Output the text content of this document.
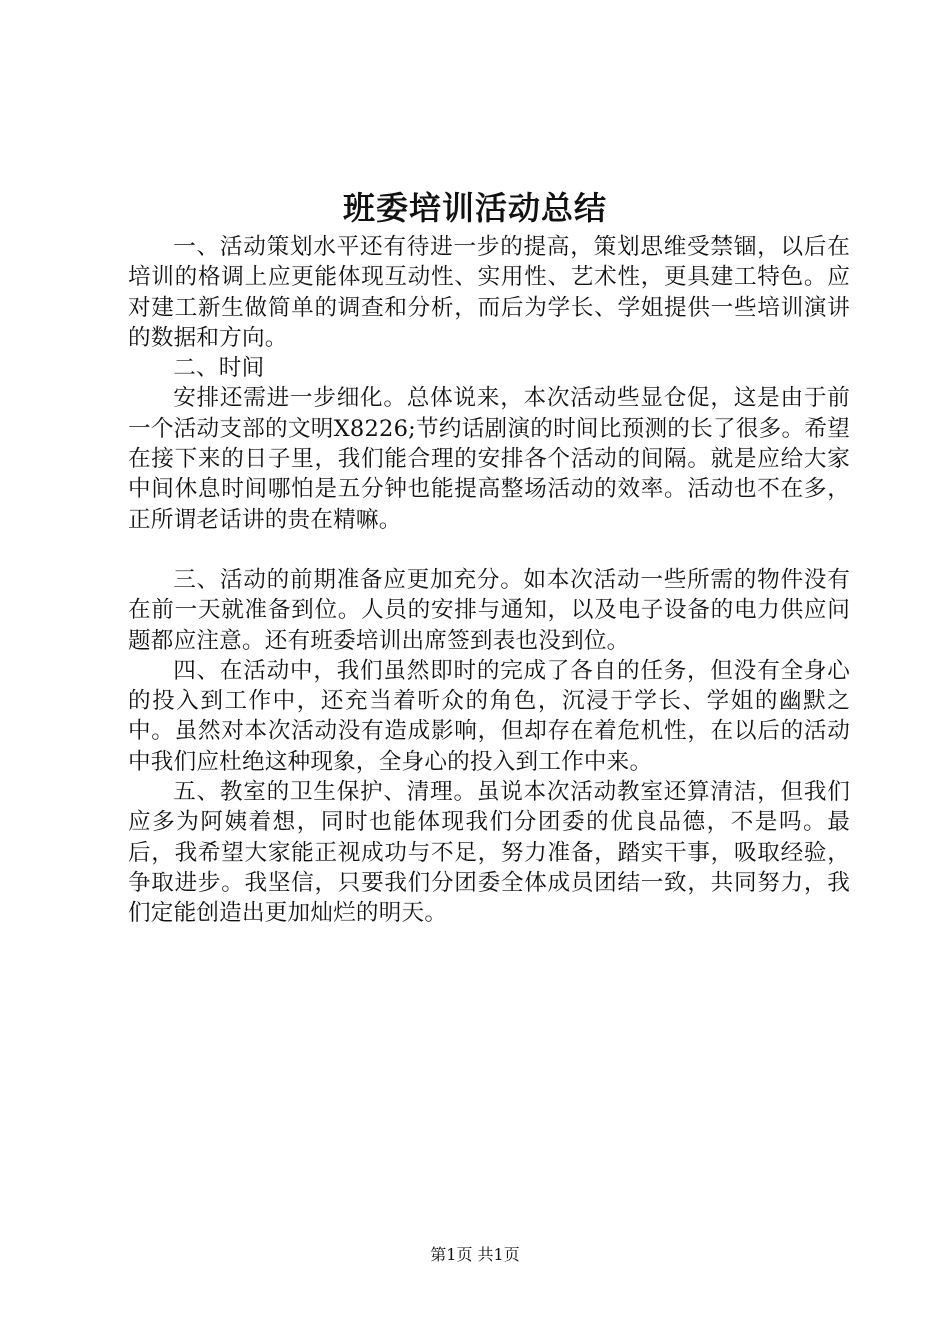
班委培训活动总结

一、活动策划水平还有待进一步的提高，策划思维受禁锢，以后在培训的格调上应更能体现互动性、实用性、艺术性，更具建工特色。应对建工新生做简单的调查和分析，而后为学长、学姐提供一些培训演讲的数据和方向。

二、时间

安排还需进一步细化。总体说来，本次活动些显仓促，这是由于前一个活动支部的文明X8226;节约话剧演的时间比预测的长了很多。希望在接下来的日子里，我们能合理的安排各个活动的间隔。就是应给大家中间休息时间哪怕是五分钟也能提高整场活动的效率。活动也不在多，正所谓老话讲的贵在精嘛。

三、活动的前期准备应更加充分。如本次活动一些所需的物件没有在前一天就准备到位。人员的安排与通知，以及电子设备的电力供应问题都应注意。还有班委培训出席签到表也没到位。

四、在活动中，我们虽然即时的完成了各自的任务，但没有全身心的投入到工作中，还充当着听众的角色，沉浸于学长、学姐的幽默之中。虽然对本次活动没有造成影响，但却存在着危机性，在以后的活动中我们应杜绝这种现象，全身心的投入到工作中来。

五、教室的卫生保护、清理。虽说本次活动教室还算清洁，但我们应多为阿姨着想，同时也能体现我们分团委的优良品德，不是吗。最后，我希望大家能正视成功与不足，努力准备，踏实干事，吸取经验，争取进步。我坚信，只要我们分团委全体成员团结一致，共同努力，我们定能创造出更加灿烂的明天。

第1页 共1页
